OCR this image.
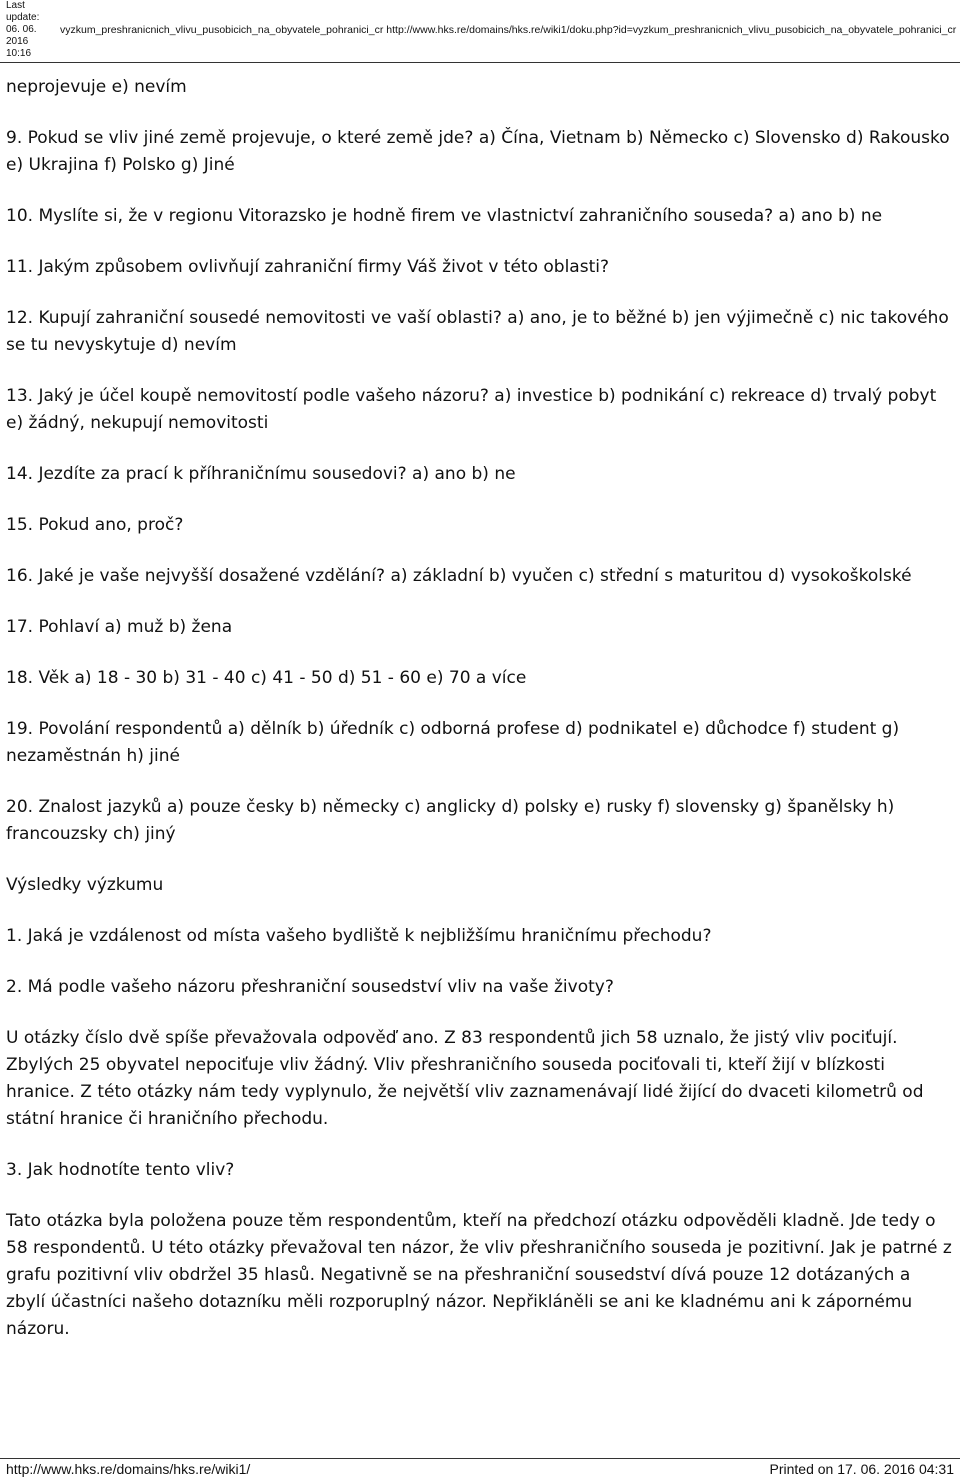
Last
update:
06. 06.
2016
10:16
vyzkum_preshranicnich_vlivu_pusobicich_na_obyvatele_pohranici_cr http://www.hks.re/domains/hks.re/wiki1/doku.php?id=vyzkum_preshranicnich_vlivu_pusobicich_na_obyvatele_pohranici_cr

neprojevuje e) nevím

9. Pokud se vliv jiné země projevuje, o které země jde? a) Čína, Vietnam b) Německo c) Slovensko d) Rakousko e) Ukrajina f) Polsko g) Jiné

10. Myslíte si, že v regionu Vitorazsko je hodně firem ve vlastnictví zahraničního souseda? a) ano b) ne

11. Jakým způsobem ovlivňují zahraniční firmy Váš život v této oblasti?

12. Kupují zahraniční sousedé nemovitosti ve vaší oblasti? a) ano, je to běžné b) jen výjimečně c) nic takového se tu nevyskytuje d) nevím

13. Jaký je účel koupě nemovitostí podle vašeho názoru? a) investice b) podnikání c) rekreace d) trvalý pobyt e) žádný, nekupují nemovitosti

14. Jezdíte za prací k příhraničnímu sousedovi? a) ano b) ne

15. Pokud ano, proč?

16. Jaké je vaše nejvyšší dosažené vzdělání? a) základní b) vyučen c) střední s maturitou d) vysokoškolské

17. Pohlaví a) muž b) žena

18. Věk a) 18 - 30 b) 31 - 40 c) 41 - 50 d) 51 - 60 e) 70 a více

19. Povolání respondentů a) dělník b) úředník c) odborná profese d) podnikatel e) důchodce f) student g) nezaměstnán h) jiné

20. Znalost jazyků a) pouze česky b) německy c) anglicky d) polsky e) rusky f) slovensky g) španělsky h) francouzsky ch) jiný

Výsledky výzkumu

1. Jaká je vzdálenost od místa vašeho bydliště k nejbližšímu hraničnímu přechodu?

2. Má podle vašeho názoru přeshraniční sousedství vliv na vaše životy?

U otázky číslo dvě spíše převažovala odpověď ano. Z 83 respondentů jich 58 uznalo, že jistý vliv pociťují. Zbylých 25 obyvatel nepociťuje vliv žádný. Vliv přeshraničního souseda pociťovali ti, kteří žijí v blízkosti hranice. Z této otázky nám tedy vyplynulo, že největší vliv zaznamenávají lidé žijící do dvaceti kilometrů od státní hranice či hraničního přechodu.

3. Jak hodnotíte tento vliv?

Tato otázka byla položena pouze těm respondentům, kteří na předchozí otázku odpověděli kladně. Jde tedy o 58 respondentů. U této otázky převažoval ten názor, že vliv přeshraničního souseda je pozitivní. Jak je patrné z grafu pozitivní vliv obdržel 35 hlasů. Negativně se na přeshraniční sousedství dívá pouze 12 dotázaných a zbylí účastníci našeho dotazníku měli rozporuplný názor. Nepřikláněli se ani ke kladnému ani k zápornému názoru.

http://www.hks.re/domains/hks.re/wiki1/	Printed on 17. 06. 2016 04:31
